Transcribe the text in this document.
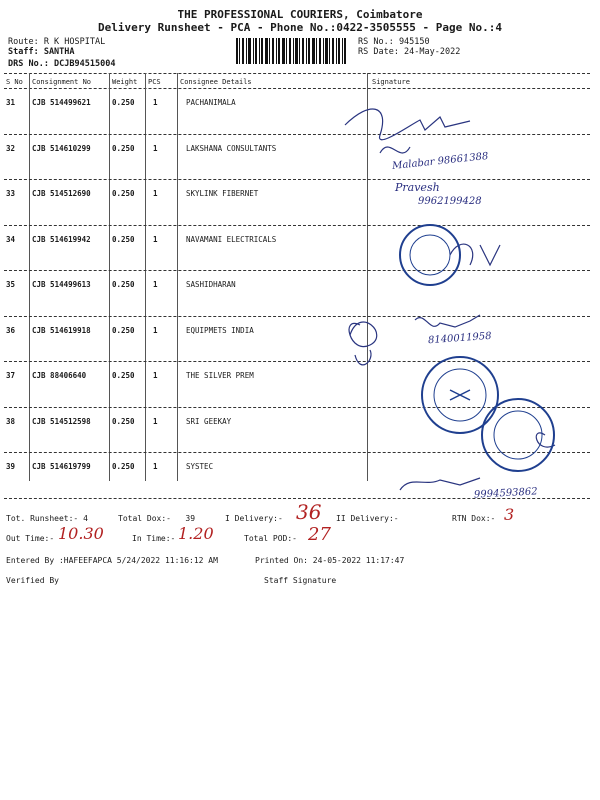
THE PROFESSIONAL COURIERS, Coimbatore
Delivery Runsheet - PCA - Phone No.:0422-3505555 - Page No.:4
Route: R K HOSPITAL
Staff: SANTHA
DRS No.: DCJB94515004
RS No.: 945150
RS Date: 24-May-2022
S No Consignment No	Weight PCS	Consignee Details	Signature
31 CJB 514499621	0.250 1	PACHANIMALA
32 CJB 514610299	0.250 1	LAKSHANA CONSULTANTS
33 CJB 514512690	0.250 1	SKYLINK FIBERNET
34 CJB 514619942	0.250 1	NAVAMANI ELECTRICALS
35 CJB 514499613	0.250 1	SASHIDHARAN
36 CJB 514619918	0.250 1	EQUIPMETS INDIA
37 CJB 88406640	0.250 1	THE SILVER PREM
38 CJB 514512598	0.250 1	SRI GEEKAY
39 CJB 514619799	0.250 1	SYSTEC
Tot. Runsheet:- 4	Total Dox:-   39	I Delivery:- 36 II Delivery:-	RTN Dox:- 3
Out Time:- 10.30	In Time:- 1.20	Total POD:- 27
Entered By :HAFEEFAPCA 5/24/2022 11:16:12 AM	Printed On: 24-05-2022 11:17:47
Verified By	Staff Signature
Malabar 98661388
Pravesh
9962199428
8140011958
9994593862
